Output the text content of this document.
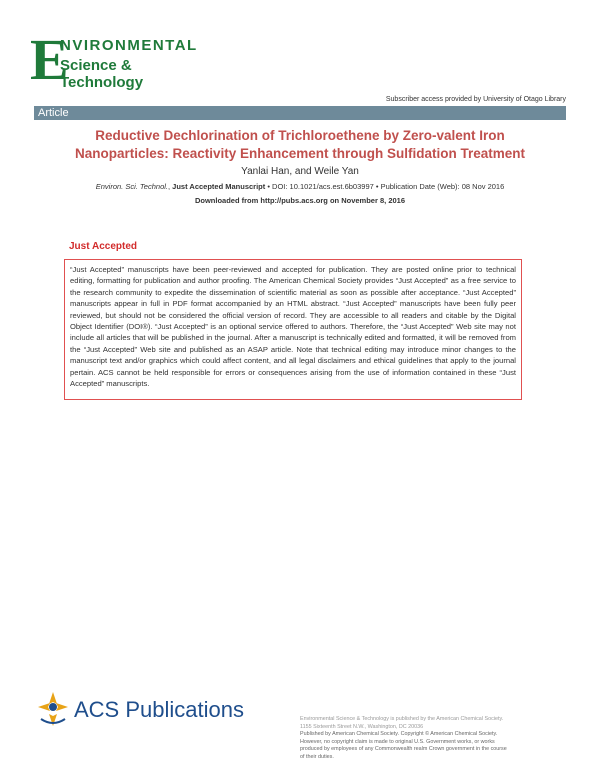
E
NVIRONMENTAL
Science & Technology
Subscriber access provided by University of Otago Library
Article
Reductive Dechlorination of Trichloroethene by Zero-valent Iron
Nanoparticles: Reactivity Enhancement through Sulfidation Treatment
Yanlai Han, and Weile Yan
Environ. Sci. Technol., Just Accepted Manuscript • DOI: 10.1021/acs.est.6b03997 • Publication Date (Web): 08 Nov 2016
Downloaded from http://pubs.acs.org on November 8, 2016
Just Accepted

“Just Accepted” manuscripts have been peer-reviewed and accepted for publication. They are posted online prior to technical editing, formatting for publication and author proofing. The American Chemical Society provides “Just Accepted” as a free service to the research community to expedite the dissemination of scientific material as soon as possible after acceptance. “Just Accepted” manuscripts appear in full in PDF format accompanied by an HTML abstract. “Just Accepted” manuscripts have been fully peer reviewed, but should not be considered the official version of record. They are accessible to all readers and citable by the Digital Object Identifier (DOI®). “Just Accepted” is an optional service offered to authors. Therefore, the “Just Accepted” Web site may not include all articles that will be published in the journal. After a manuscript is technically edited and formatted, it will be removed from the “Just Accepted” Web site and published as an ASAP article. Note that technical editing may introduce minor changes to the manuscript text and/or graphics which could affect content, and all legal disclaimers and ethical guidelines that apply to the journal pertain. ACS cannot be held responsible for errors or consequences arising from the use of information contained in these “Just Accepted” manuscripts.

ACS Publications	Environmental Science & Technology is published by the American Chemical Society.
1155 Sixteenth Street N.W., Washington, DC 20036
Published by American Chemical Society. Copyright © American Chemical Society.
However, no copyright claim is made to original U.S. Government works, or works
produced by employees of any Commonwealth realm Crown government in the course
of their duties.
